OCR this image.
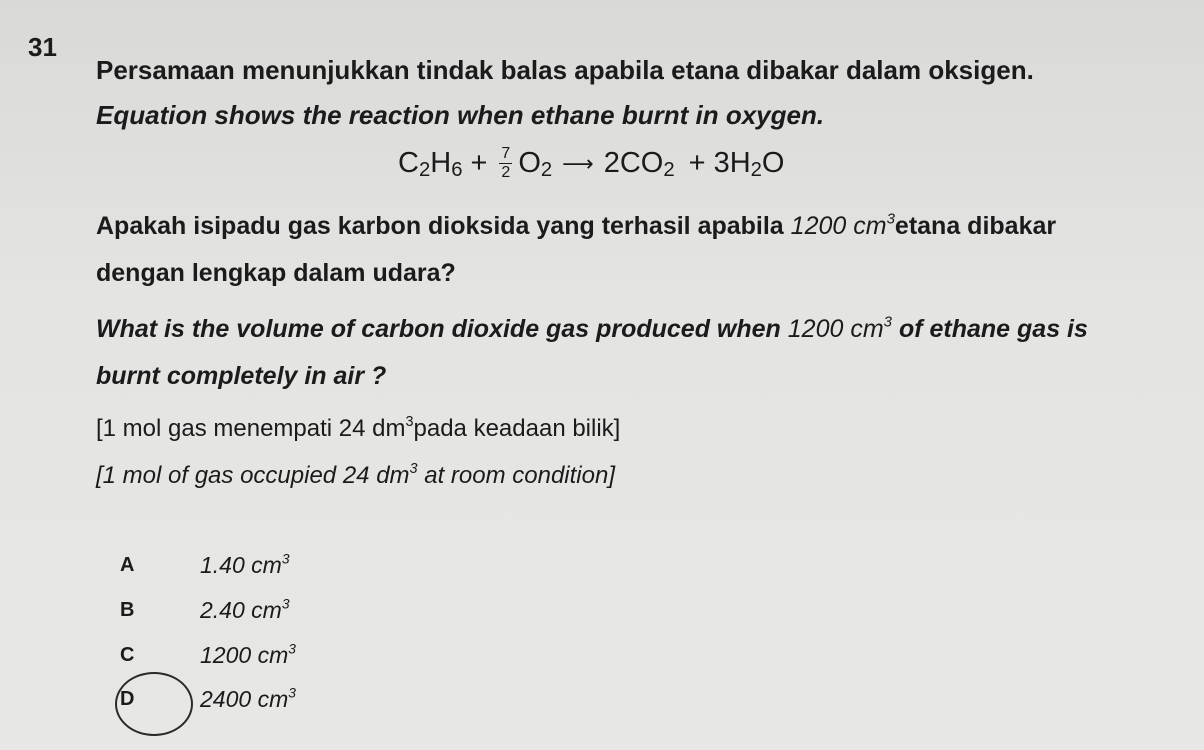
31
Persamaan menunjukkan tindak balas apabila etana dibakar dalam oksigen.
Equation shows the reaction when ethane burnt in oxygen.
$C_2H_6 + \frac{7}{2} O_2$ ⟶ $2CO_2 + 3H_2O$
Apakah isipadu gas karbon dioksida yang terhasil apabila 1200 $cm^3etana$ dibakar
dengan lengkap dalam udara?
What is the volume of carbon dioxide gas produced when 1200 $cm^3$ of ethane gas is
burnt completely in air ?
[1 mol gas menempati 24 $dm^3pada$ keadaan bilik]
[1 mol of gas occupied 24 $dm^3$ at room condition]
A	1.40 $cm^3$
B	2.40 $cm^3$
C	1200 $cm^3$
D	2400 $cm^3$
